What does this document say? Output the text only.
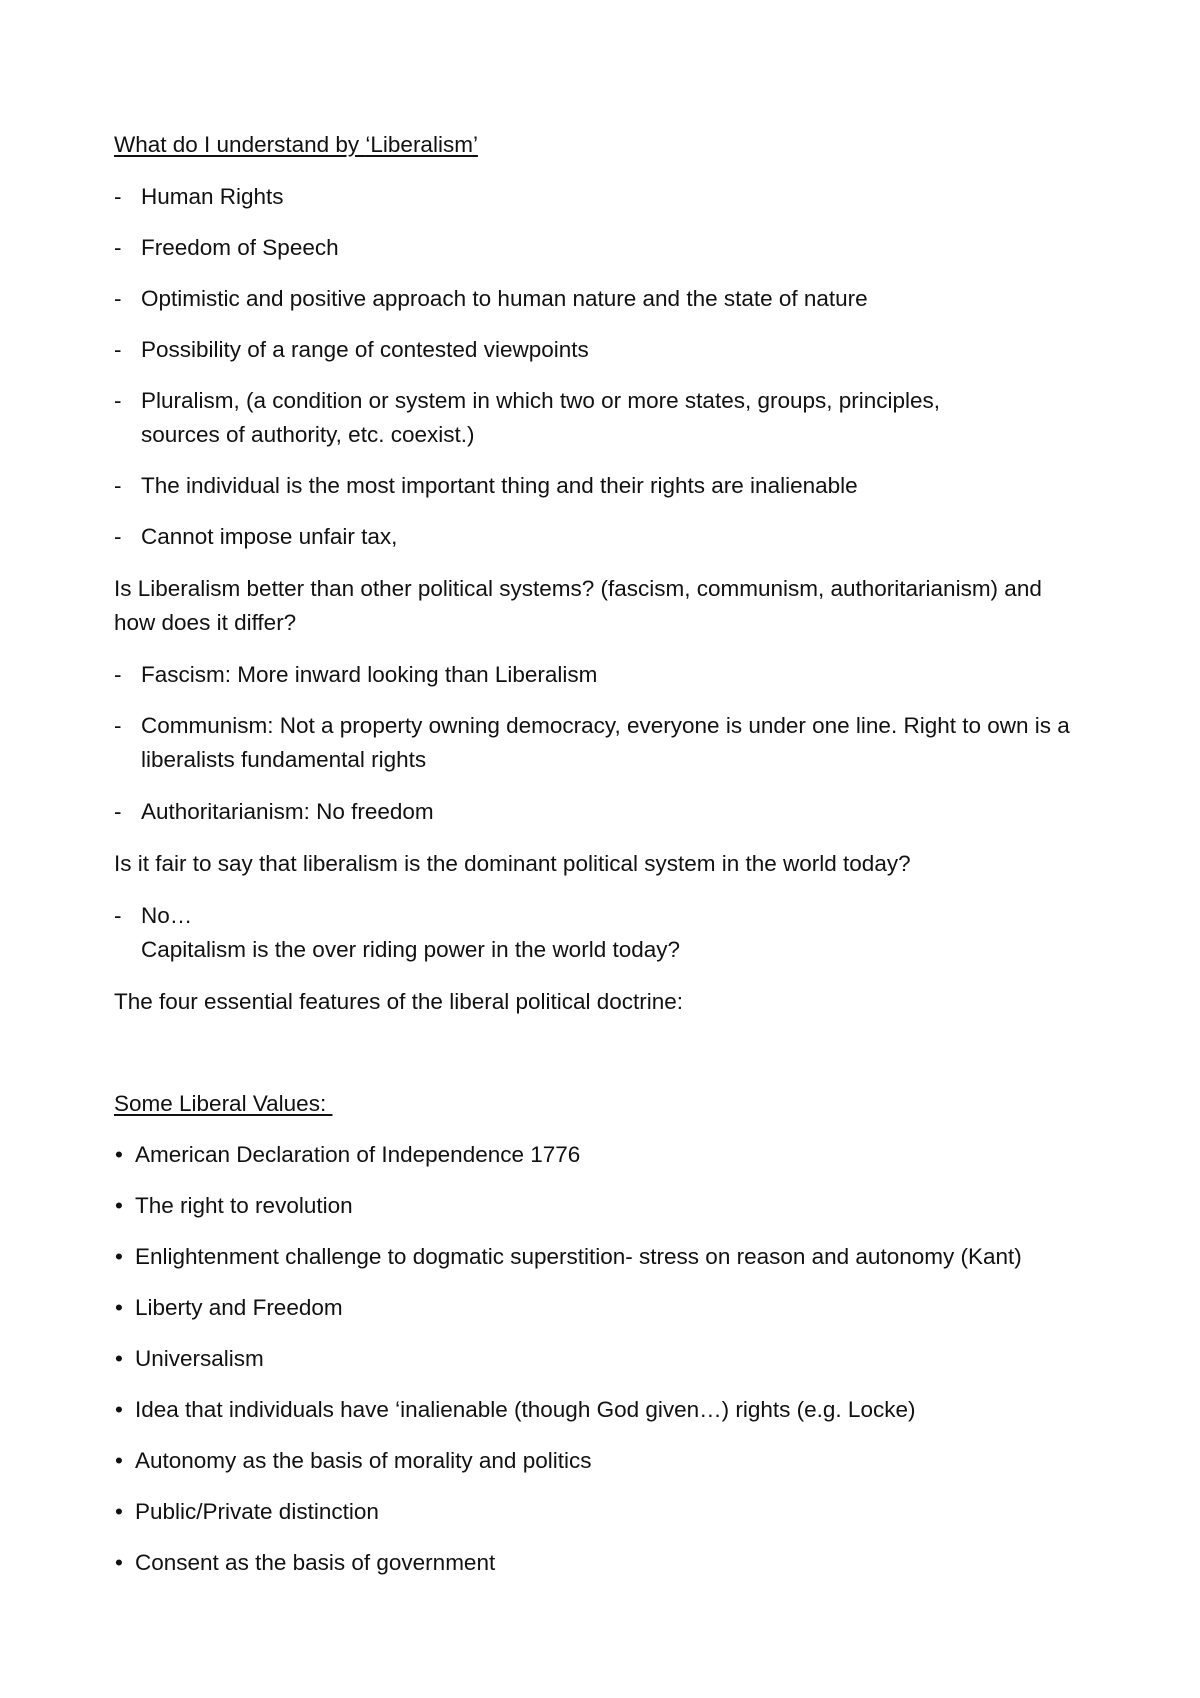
What do I understand by ‘Liberalism’
- Human Rights
- Freedom of Speech
- Optimistic and positive approach to human nature and the state of nature
- Possibility of a range of contested viewpoints
- Pluralism, (a condition or system in which two or more states, groups, principles, sources of authority, etc. coexist.)
- The individual is the most important thing and their rights are inalienable
- Cannot impose unfair tax,
Is Liberalism better than other political systems? (fascism, communism, authoritarianism) and how does it differ?
- Fascism: More inward looking than Liberalism
- Communism: Not a property owning democracy, everyone is under one line. Right to own is a liberalists fundamental rights
- Authoritarianism: No freedom
Is it fair to say that liberalism is the dominant political system in the world today?
- No…
Capitalism is the over riding power in the world today?
The four essential features of the liberal political doctrine:
Some Liberal Values:
• American Declaration of Independence 1776
• The right to revolution
• Enlightenment challenge to dogmatic superstition- stress on reason and autonomy (Kant)
• Liberty and Freedom
• Universalism
• Idea that individuals have ‘inalienable (though God given…) rights (e.g. Locke)
• Autonomy as the basis of morality and politics
• Public/Private distinction
• Consent as the basis of government
